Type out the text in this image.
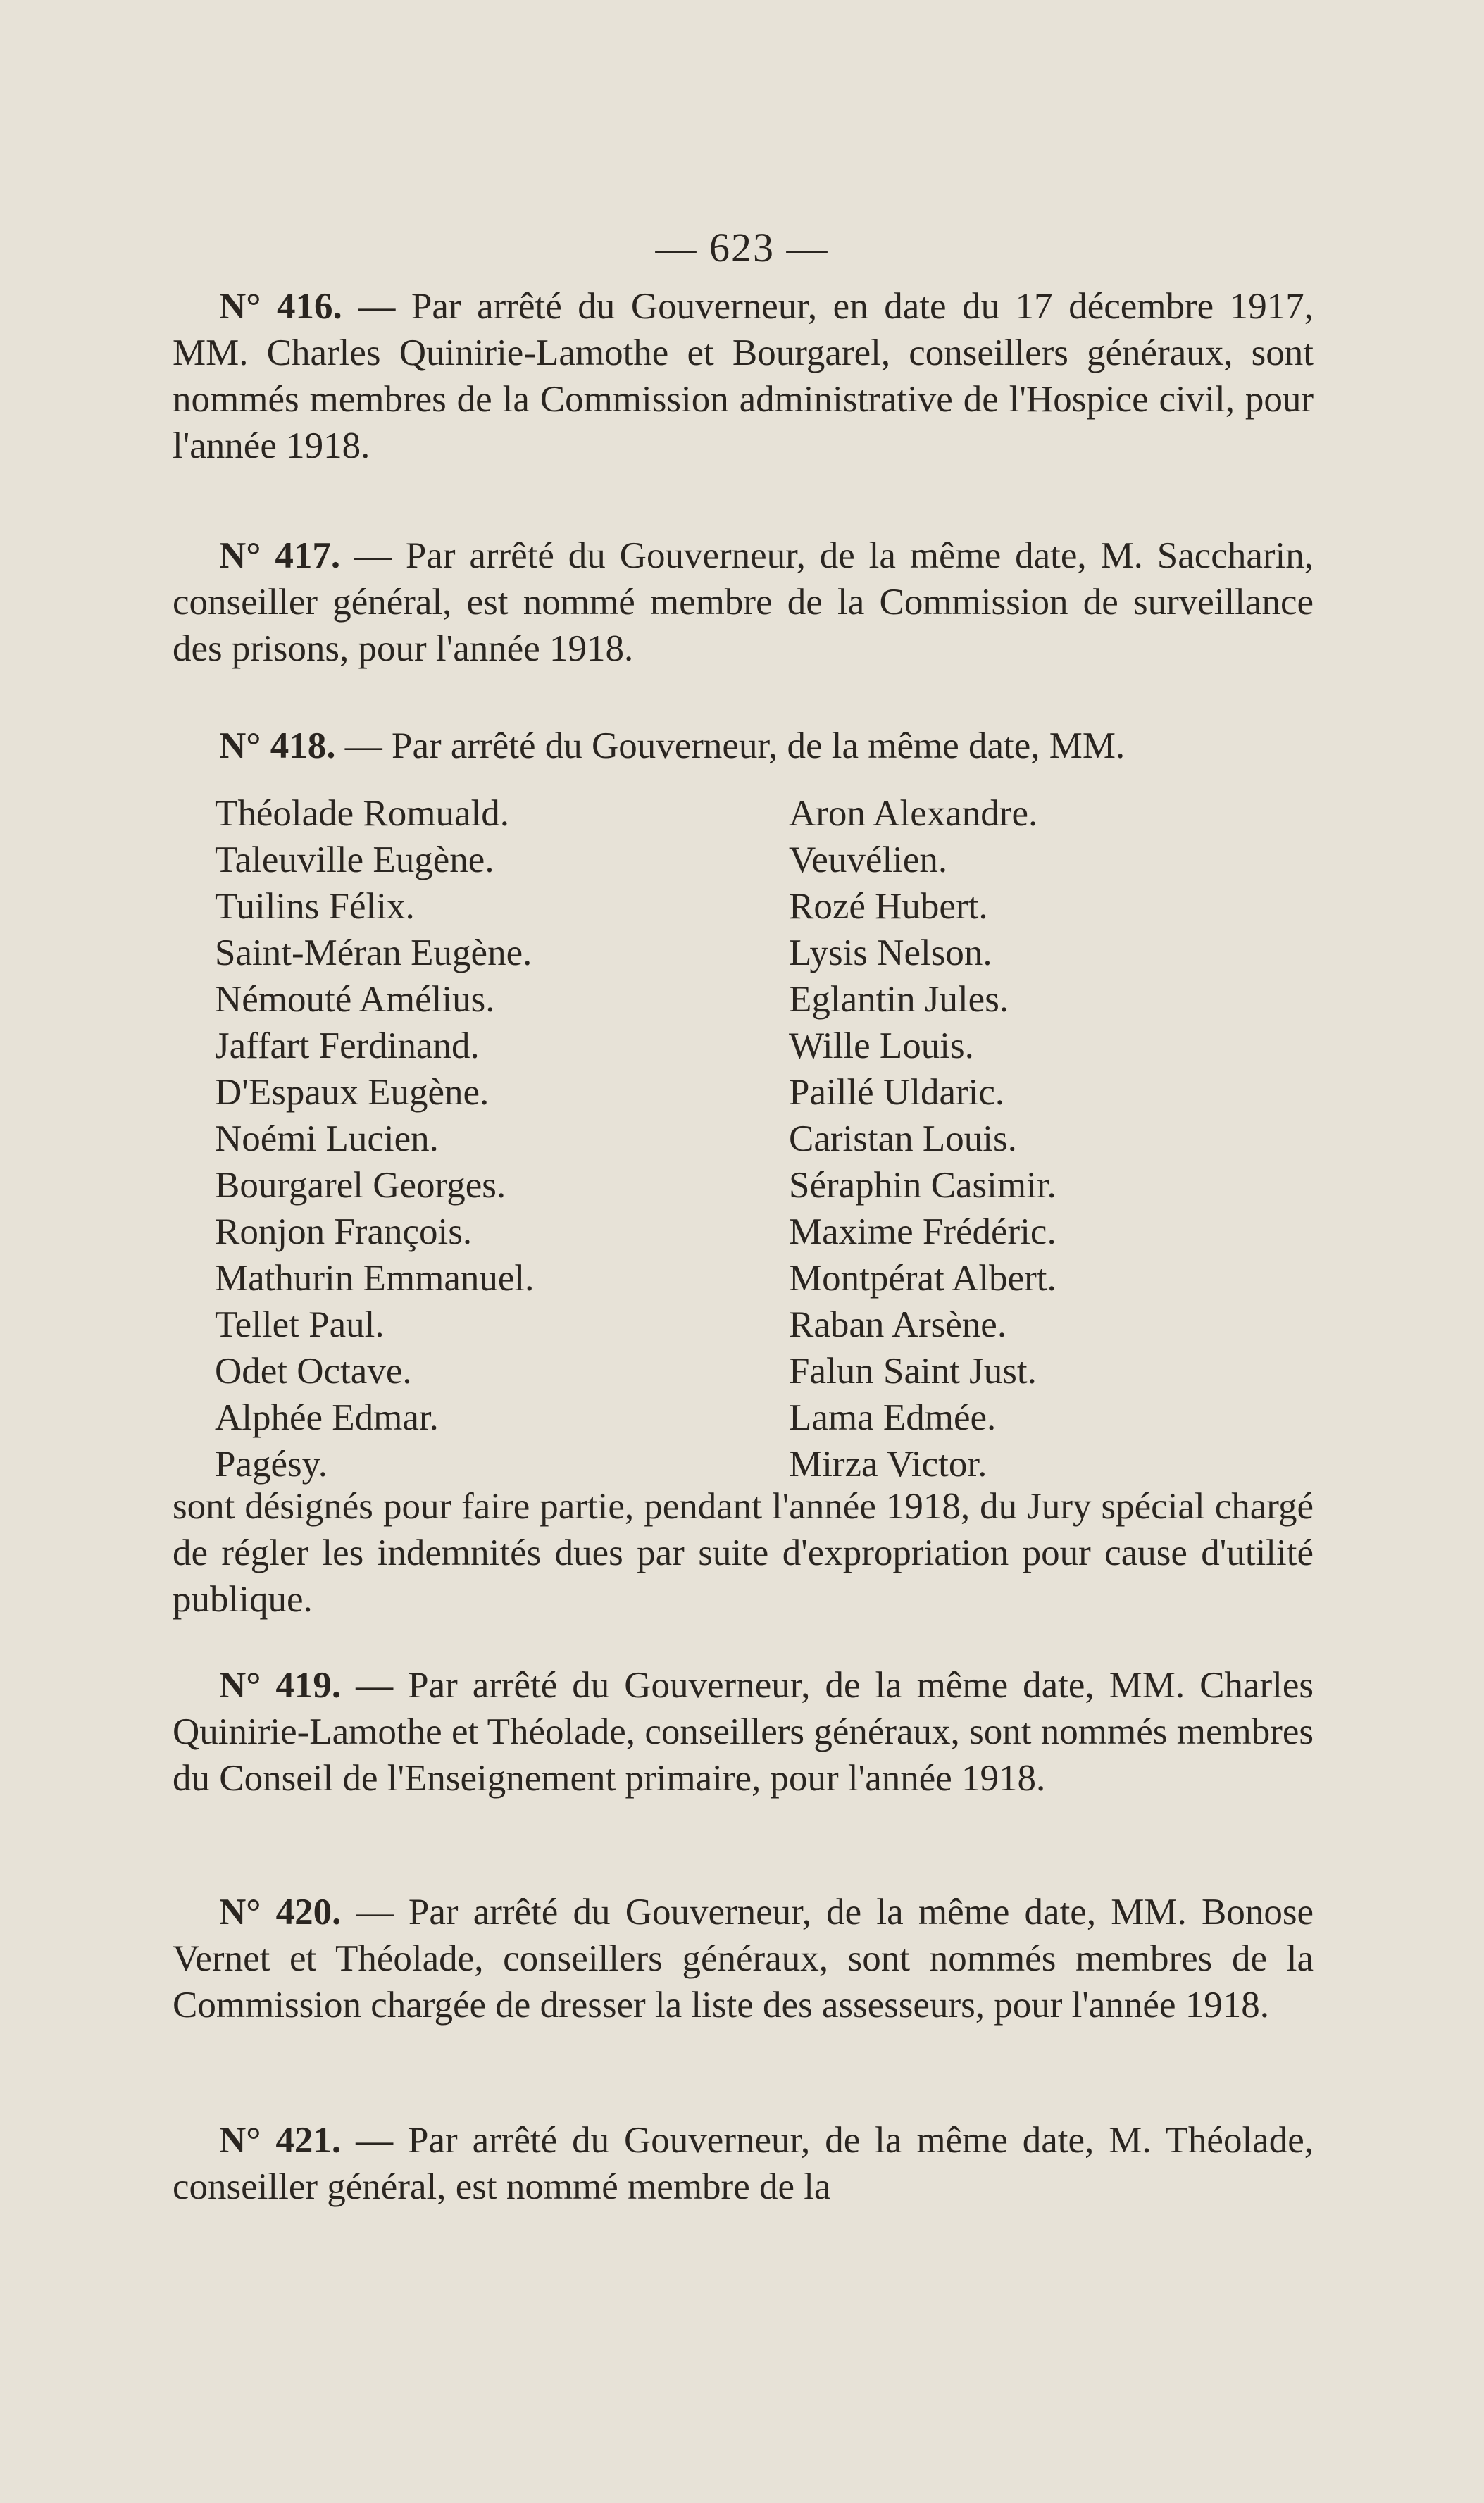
— 623 —

N° 416. — Par arrêté du Gouverneur, en date du 17 décembre 1917, MM. Charles Quinirie-Lamothe et Bourgarel, conseillers généraux, sont nommés membres de la Commission administrative de l'Hospice civil, pour l'année 1918.

N° 417. — Par arrêté du Gouverneur, de la même date, M. Saccharin, conseiller général, est nommé membre de la Commission de surveillance des prisons, pour l'année 1918.

N° 418. — Par arrêté du Gouverneur, de la même date, MM.

Théolade Romuald.
Taleuville Eugène.
Tuilins Félix.
Saint-Méran Eugène.
Némouté Amélius.
Jaffart Ferdinand.
D'Espaux Eugène.
Noémi Lucien.
Bourgarel Georges.
Ronjon François.
Mathurin Emmanuel.
Tellet Paul.
Odet Octave.
Alphée Edmar.
Pagésy.
Aron Alexandre.
Veuvélien.
Rozé Hubert.
Lysis Nelson.
Eglantin Jules.
Wille Louis.
Paillé Uldaric.
Caristan Louis.
Séraphin Casimir.
Maxime Frédéric.
Montpérat Albert.
Raban Arsène.
Falun Saint Just.
Lama Edmée.
Mirza Victor.

sont désignés pour faire partie, pendant l'année 1918, du Jury spécial chargé de régler les indemnités dues par suite d'expropriation pour cause d'utilité publique.

N° 419. — Par arrêté du Gouverneur, de la même date, MM. Charles Quinirie-Lamothe et Théolade, conseillers généraux, sont nommés membres du Conseil de l'Enseignement primaire, pour l'année 1918.

N° 420. — Par arrêté du Gouverneur, de la même date, MM. Bonose Vernet et Théolade, conseillers généraux, sont nommés membres de la Commission chargée de dresser la liste des assesseurs, pour l'année 1918.

N° 421. — Par arrêté du Gouverneur, de la même date, M. Théolade, conseiller général, est nommé membre de la
